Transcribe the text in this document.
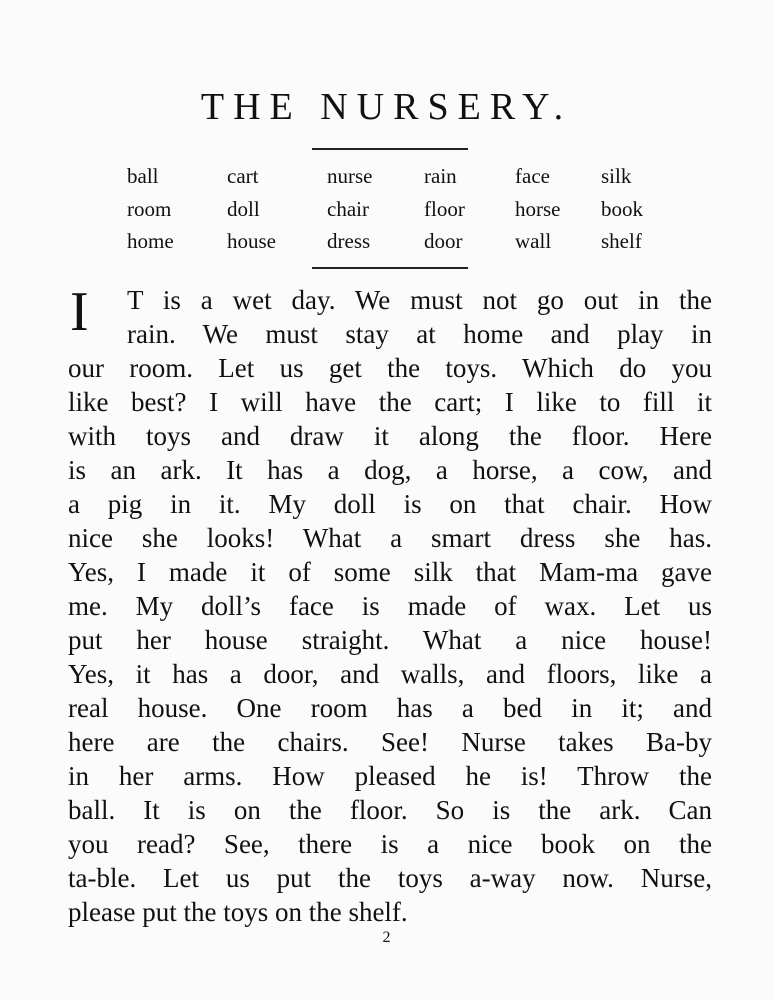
THE NURSERY.
ball
room
home
cart
doll
house
nurse
chair
dress
rain
floor
door
face
horse
wall
silk
book
shelf
I	T is a wet day. We must not go out in the
rain. We must stay at home and play in
our room. Let us get the toys. Which do you
like best? I will have the cart; I like to fill it
with toys and draw it along the floor. Here
is an ark. It has a dog, a horse, a cow, and
a pig in it. My doll is on that chair. How
nice she looks! What a smart dress she has.
Yes, I made it of some silk that Mam-ma gave
me. My doll’s face is made of wax. Let us
put her house straight. What a nice house!
Yes, it has a door, and walls, and floors, like a
real house. One room has a bed in it; and
here are the chairs. See! Nurse takes Ba-by
in her arms. How pleased he is! Throw the
ball. It is on the floor. So is the ark. Can
you read? See, there is a nice book on the
ta-ble. Let us put the toys a-way now. Nurse,
please put the toys on the shelf.
2
